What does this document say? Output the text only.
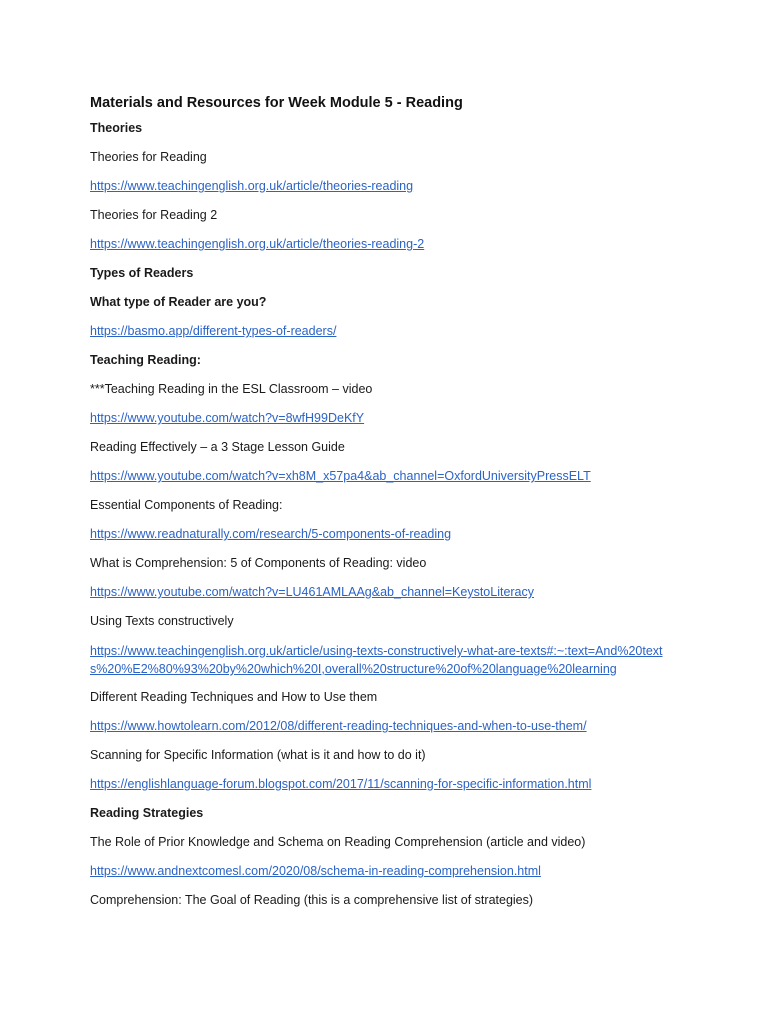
Materials and Resources for Week Module 5 - Reading
Theories
Theories for Reading
https://www.teachingenglish.org.uk/article/theories-reading
Theories for Reading 2
https://www.teachingenglish.org.uk/article/theories-reading-2
Types of Readers
What type of Reader are you?
https://basmo.app/different-types-of-readers/
Teaching Reading:
***Teaching Reading in the ESL Classroom – video
https://www.youtube.com/watch?v=8wfH99DeKfY
Reading Effectively – a 3 Stage Lesson Guide
https://www.youtube.com/watch?v=xh8M_x57pa4&ab_channel=OxfordUniversityPressELT
Essential Components of Reading:
https://www.readnaturally.com/research/5-components-of-reading
What is Comprehension: 5 of Components of Reading: video
https://www.youtube.com/watch?v=LU461AMLAAg&ab_channel=KeystoLiteracy
Using Texts constructively
https://www.teachingenglish.org.uk/article/using-texts-constructively-what-are-texts#:~:text=And%20texts%20%E2%80%93%20by%20which%20I,overall%20structure%20of%20language%20learning
Different Reading Techniques and How to Use them
https://www.howtolearn.com/2012/08/different-reading-techniques-and-when-to-use-them/
Scanning for Specific Information (what is it and how to do it)
https://englishlanguage-forum.blogspot.com/2017/11/scanning-for-specific-information.html
Reading Strategies
The Role of Prior Knowledge and Schema on Reading Comprehension (article and video)
https://www.andnextcomesl.com/2020/08/schema-in-reading-comprehension.html
Comprehension: The Goal of Reading (this is a comprehensive list of strategies)
